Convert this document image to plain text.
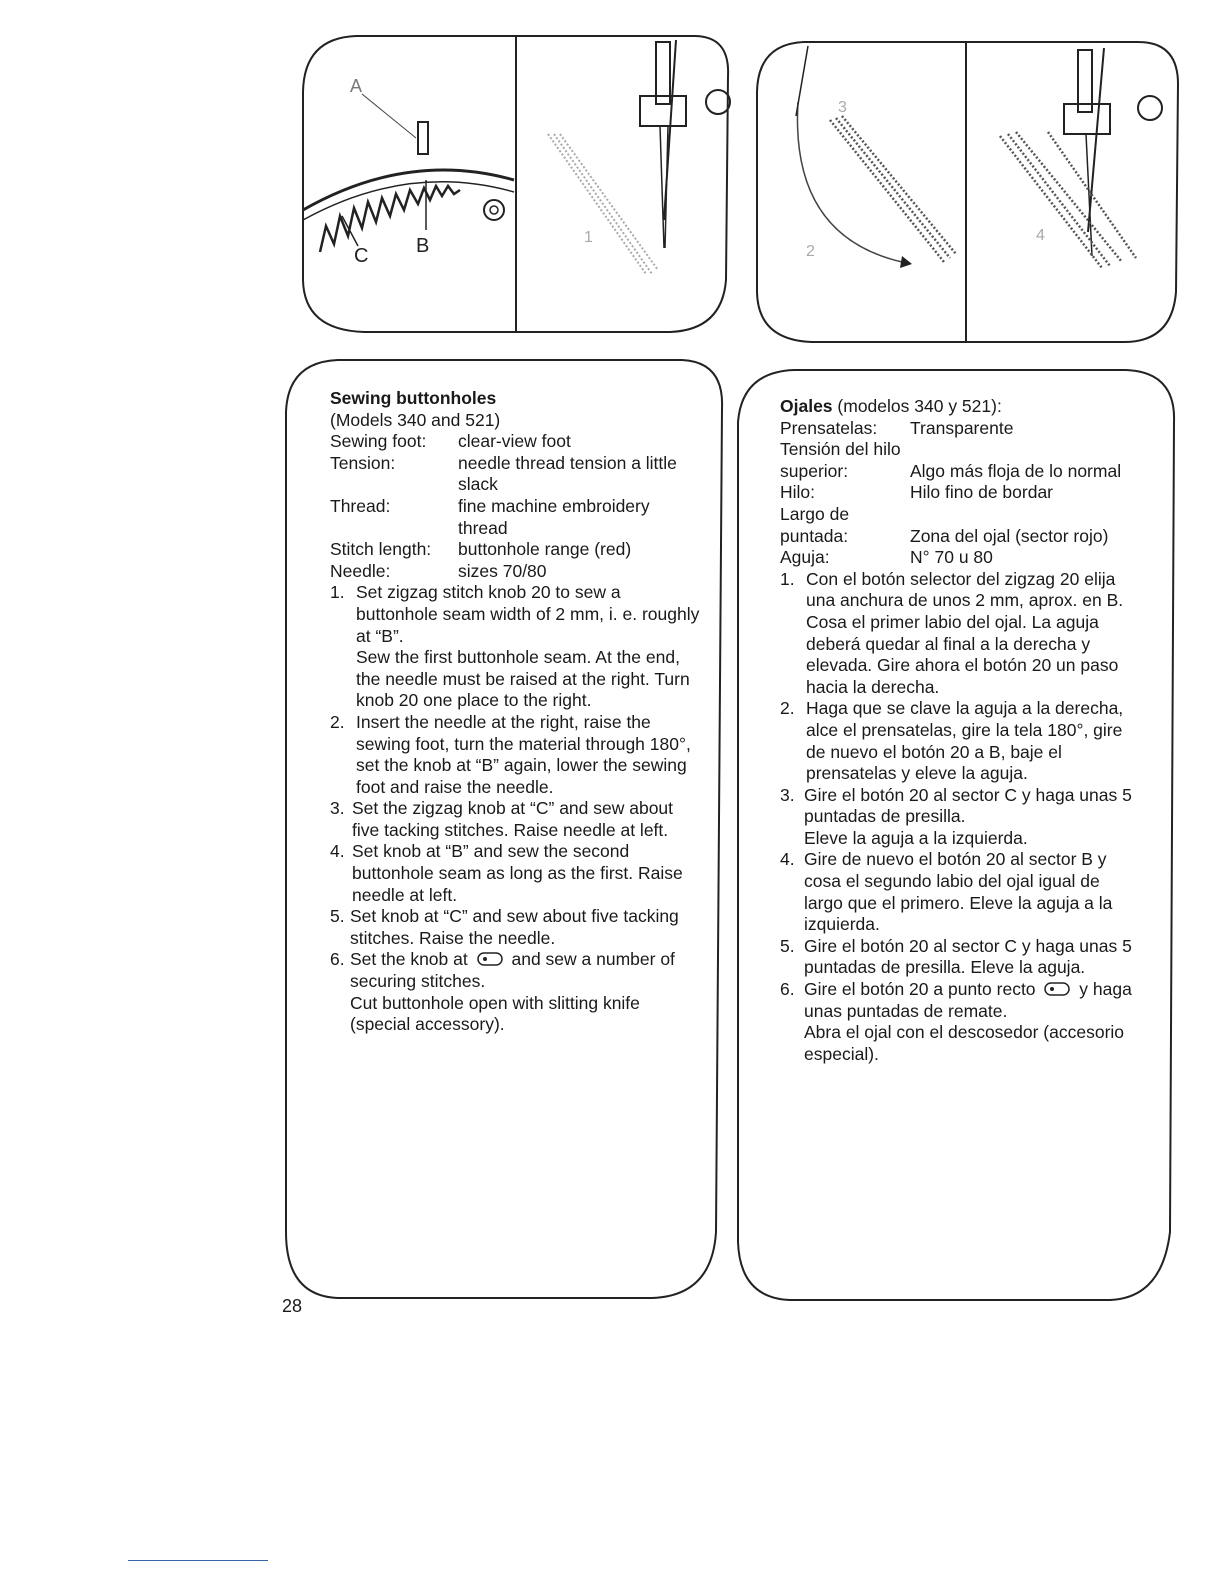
A
B
C
1
2
3
4
Sewing buttonholes
(Models 340 and 521)
Sewing foot:	clear-view foot
Tension:	needle thread tension a little slack
Thread:	fine machine embroidery thread
Stitch length:	buttonhole range (red)
Needle:	sizes 70/80
1. Set zigzag stitch knob 20 to sew a buttonhole seam width of 2 mm, i. e. roughly at “B”.
Sew the first buttonhole seam. At the end, the needle must be raised at the right. Turn knob 20 one place to the right.
2. Insert the needle at the right, raise the sewing foot, turn the material through 180°, set the knob at “B” again, lower the sewing foot and raise the needle.
3. Set the zigzag knob at “C” and sew about five tacking stitches. Raise needle at left.
4. Set knob at “B” and sew the second buttonhole seam as long as the first. Raise needle at left.
5. Set knob at “C” and sew about five tacking stitches. Raise the needle.
6. Set the knob at	and sew a number of securing stitches.
Cut buttonhole open with slitting knife (special accessory).
Ojales (modelos 340 y 521):
Prensatelas:	Transparente
Tensión del hilo superior:	Algo más floja de lo normal
Hilo:	Hilo fino de bordar
Largo de puntada:	Zona del ojal (sector rojo)
Aguja:	N° 70 u 80
1. Con el botón selector del zigzag 20 elija una anchura de unos 2 mm, aprox. en B. Cosa el primer labio del ojal. La aguja deberá quedar al final a la derecha y elevada. Gire ahora el botón 20 un paso hacia la derecha.
2. Haga que se clave la aguja a la derecha, alce el prensatelas, gire la tela 180°, gire de nuevo el botón 20 a B, baje el prensatelas y eleve la aguja.
3. Gire el botón 20 al sector C y haga unas 5 puntadas de presilla.
Eleve la aguja a la izquierda.
4. Gire de nuevo el botón 20 al sector B y cosa el segundo labio del ojal igual de largo que el primero. Eleve la aguja a la izquierda.
5. Gire el botón 20 al sector C y haga unas 5 puntadas de presilla. Eleve la aguja.
6. Gire el botón 20 a punto recto	y haga unas puntadas de remate.
Abra el ojal con el descosedor (accesorio especial).
28
